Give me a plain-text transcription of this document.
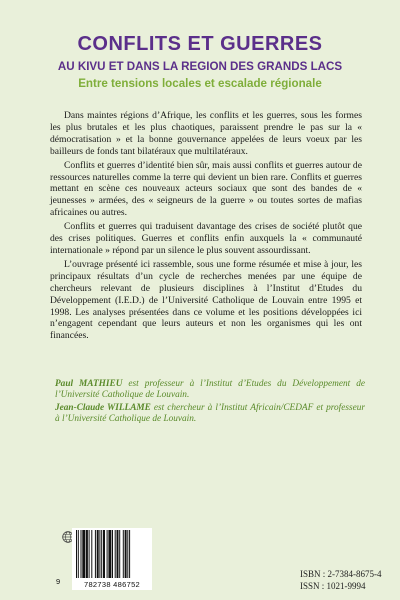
CONFLITS ET GUERRES
AU KIVU ET DANS LA REGION DES GRANDS LACS
Entre tensions locales et escalade régionale

Dans maintes régions d’Afrique, les conflits et les guerres, sous les formes les plus brutales et les plus chaotiques, paraissent prendre le pas sur la « démocratisation » et la bonne gouvernance appelées de leurs voeux par les bailleurs de fonds tant bilatéraux que multilatéraux.

Conflits et guerres d’identité bien sûr, mais aussi conflits et guerres autour de ressources naturelles comme la terre qui devient un bien rare. Conflits et guerres mettant en scène ces nouveaux acteurs sociaux que sont des bandes de « jeunesses » armées, des « seigneurs de la guerre » ou toutes sortes de mafias africaines ou autres.

Conflits et guerres qui traduisent davantage des crises de société plutôt que des crises politiques. Guerres et conflits enfin auxquels la « communauté internationale » répond par un silence le plus souvent assourdissant.

L’ouvrage présenté ici rassemble, sous une forme résumée et mise à jour, les principaux résultats d’un cycle de recherches menées par une équipe de chercheurs relevant de plusieurs disciplines à l’Institut d’Etudes du Développement (I.E.D.) de l’Université Catholique de Louvain entre 1995 et 1998. Les analyses présentées dans ce volume et les positions développées ici n’engagent cependant que leurs auteurs et non les organismes qui les ont financées.

Paul MATHIEU est professeur à l’Institut d’Etudes du Développement de l’Université Catholique de Louvain.

Jean-Claude WILLAME est chercheur à l’Institut Africain/CEDAF et professeur à l’Université Catholique de Louvain.

9	782738 486752
ISBN : 2-7384-8675-4
ISSN : 1021-9994
